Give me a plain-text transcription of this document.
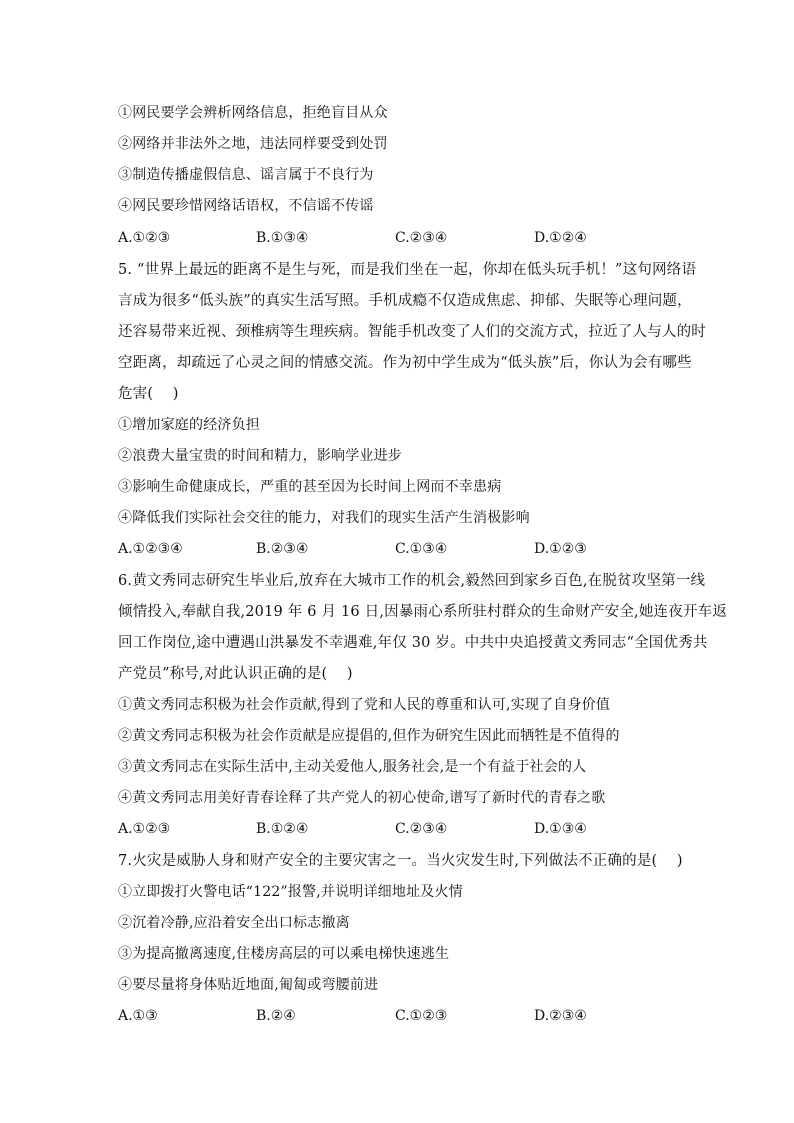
①网民要学会辨析网络信息，拒绝盲目从众
②网络并非法外之地，违法同样要受到处罚
③制造传播虚假信息、谣言属于不良行为
④网民要珍惜网络话语权，不信谣不传谣
A.①②③	B.①③④	C.②③④	D.①②④
5. “世界上最远的距离不是生与死，而是我们坐在一起，你却在低头玩手机！”这句网络语
言成为很多“低头族”的真实生活写照。手机成瘾不仅造成焦虑、抑郁、失眠等心理问题，
还容易带来近视、颈椎病等生理疾病。智能手机改变了人们的交流方式，拉近了人与人的时
空距离，却疏远了心灵之间的情感交流。作为初中学生成为“低头族”后，你认为会有哪些
危害(　 )
①增加家庭的经济负担
②浪费大量宝贵的时间和精力，影响学业进步
③影响生命健康成长，严重的甚至因为长时间上网而不幸患病
④降低我们实际社会交往的能力，对我们的现实生活产生消极影响
A.①②③④	B.②③④	C.①③④	D.①②③
6.黄文秀同志研究生毕业后,放弃在大城市工作的机会,毅然回到家乡百色,在脱贫攻坚第一线
倾情投入,奉献自我,2019 年 6 月 16 日,因暴雨心系所驻村群众的生命财产安全,她连夜开车返
回工作岗位,途中遭遇山洪暴发不幸遇难,年仅 30 岁。中共中央追授黄文秀同志“全国优秀共
产党员”称号,对此认识正确的是(　 )
①黄文秀同志积极为社会作贡献,得到了党和人民的尊重和认可,实现了自身价值
②黄文秀同志积极为社会作贡献是应提倡的,但作为研究生因此而牺牲是不值得的
③黄文秀同志在实际生活中,主动关爱他人,服务社会,是一个有益于社会的人
④黄文秀同志用美好青春诠释了共产党人的初心使命,谱写了新时代的青春之歌
A.①②③	B.①②④	C.②③④	D.①③④
7.火灾是威胁人身和财产安全的主要灾害之一。当火灾发生时,下列做法不正确的是(　 )
①立即拨打火警电话“122”报警,并说明详细地址及火情
②沉着冷静,应沿着安全出口标志撤离
③为提高撤离速度,住楼房高层的可以乘电梯快速逃生
④要尽量将身体贴近地面,匍匐或弯腰前进
A.①③	B.②④	C.①②③	D.②③④
